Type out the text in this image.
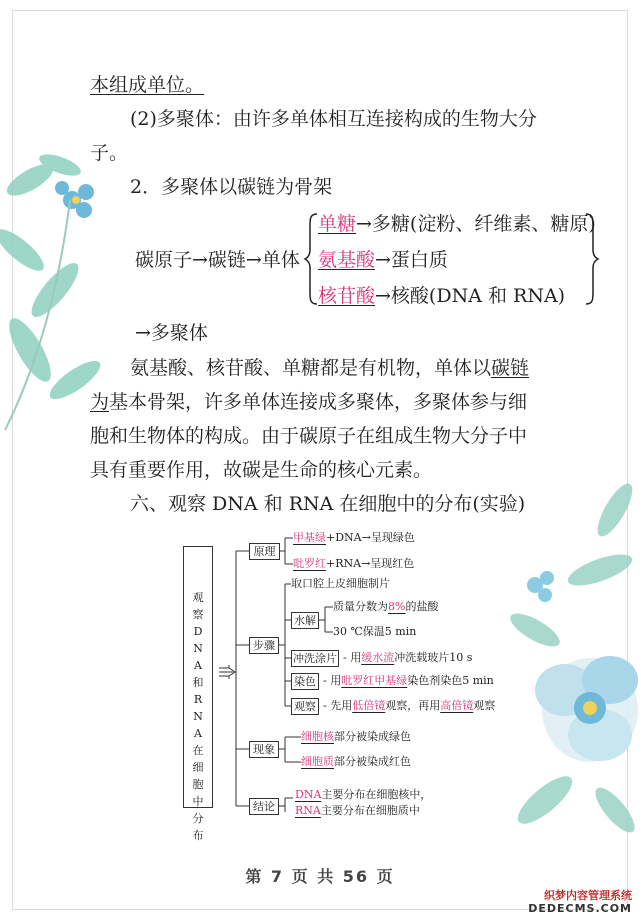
本组成单位。
(2)多聚体：由许多单体相互连接构成的生物大分
子。
2．多聚体以碳链为骨架
碳原子→碳链→单体
单糖→多糖(淀粉、纤维素、糖原)
氨基酸→蛋白质
核苷酸→核酸(DNA 和 RNA)
→多聚体
氨基酸、核苷酸、单糖都是有机物，单体以碳链
为基本骨架，许多单体连接成多聚体，多聚体参与细
胞和生物体的构成。由于碳原子在组成生物大分子中
具有重要作用，故碳是生命的核心元素。
六、观察 DNA 和 RNA 在细胞中的分布(实验)
观察DNA和RNA在细胞中分布
原理
甲基绿+DNA→呈现绿色
吡罗红+RNA→呈现红色
步骤
取口腔上皮细胞制片
水解
质量分数为8%的盐酸
30 ℃保温5 min
冲洗涂片 - 用缓水流冲洗载玻片10 s
染色 - 用吡罗红甲基绿染色剂染色5 min
观察 - 先用低倍镜观察，再用高倍镜观察
现象
细胞核部分被染成绿色
细胞质部分被染成红色
结论
DNA主要分布在细胞核中，
RNA主要分布在细胞质中
第 7 页 共 56 页
织梦内容管理系统
DEDECMS.COM
